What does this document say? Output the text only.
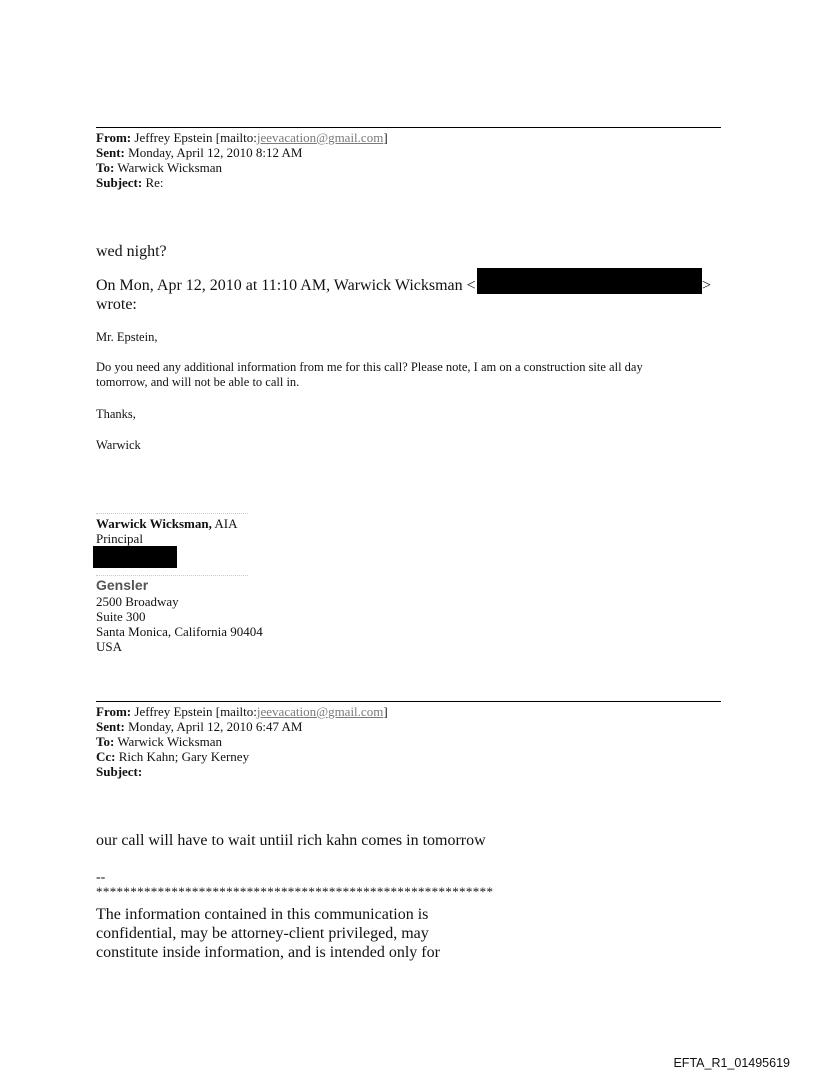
From: Jeffrey Epstein [mailto:jeevacation@gmail.com]
Sent: Monday, April 12, 2010 8:12 AM
To: Warwick Wicksman
Subject: Re:
wed night?
On Mon, Apr 12, 2010 at 11:10 AM, Warwick Wicksman <	>
wrote:
Mr. Epstein,
Do you need any additional information from me for this call? Please note, I am on a construction site all day
tomorrow, and will not be able to call in.
Thanks,
Warwick
Warwick Wicksman, AIA
Principal
Gensler
2500 Broadway
Suite 300
Santa Monica, California 90404
USA
From: Jeffrey Epstein [mailto:jeevacation@gmail.com]
Sent: Monday, April 12, 2010 6:47 AM
To: Warwick Wicksman
Cc: Rich Kahn; Gary Kerney
Subject:
our call will have to wait untiil rich kahn comes in tomorrow
--
**********************************************************
The information contained in this communication is
confidential, may be attorney-client privileged, may
constitute inside information, and is intended only for
EFTA_R1_01495619
